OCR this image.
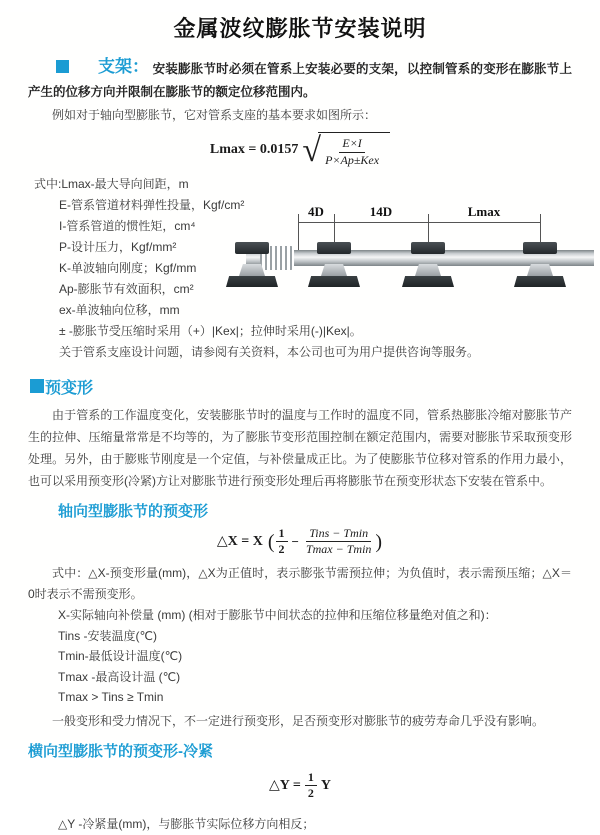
金属波纹膨胀节安装说明

支架： 安装膨胀节时必须在管系上安装必要的支架，以控制管系的变形在膨胀节上产生的位移方向并限制在膨胀节的额定位移范围内。

例如对于轴向型膨胀节，它对管系支座的基本要求如图所示：

Lmax = 0.0157 √ $\frac{E\times I}{\text{P×Ap±Kex}}$
式中:Lmax-最大导向间距，m
E-管系管道材料弹性投量，Kgf/cm²
I-管系管道的惯性矩，cm⁴
P-设计压力，Kgf/mm²
K-单波轴向刚度；Kgf/mm
Ap-膨胀节有效面积，cm²
ex-单波轴向位移，mm
± -膨胀节受压缩时采用（+）|Kex|；拉伸时采用(-)|Kex|。
关于管系支座设计问题，请参阅有关资料，本公司也可为用户提供咨询等服务。
4D	14D	Lmax
预变形

由于管系的工作温度变化，安装膨胀节时的温度与工作时的温度不同，管系热膨胀冷缩对膨胀节产生的拉伸、压缩量常常是不均等的，为了膨胀节变形范围控制在额定范围内，需要对膨胀节采取预变形处理。另外，由于膨账节刚度是一个定值，与补偿量成正比。为了使膨胀节位移对管系的作用力最小，也可以采用预变形(冷紧)方让对膨胀节进行预变形处理后再将膨胀节在预变形状态下安装在管系中。

轴向型膨胀节的预变形
△X = X ( $\frac{1}{2} - \frac{\text{Tins − Tmin}}{Tmax - Tmin}$ )

式中：△X-预变形量(mm)，△X为正值时，表示膨张节需预拉伸；为负值时，表示需预压缩；△X＝0时表示不需预变形。

X-实际轴向补偿量 (mm) (相对于膨胀节中间状态的拉伸和压缩位移量绝对值之和)：
Tins -安装温度(℃)
Tmin-最低设计温度(℃)
Tmax -最高设计温 (℃)
Tmax > Tins ≥ Tmin

一般变形和受力情况下，不一定进行预变形，足否预变形对膨胀节的疲劳寿命几乎没有影响。

横向型膨胀节的预变形-冷紧
△Y = $\frac{1}{2}$ Y

△Y -冷紧量(mm)，与膨胀节实际位移方向相反；
